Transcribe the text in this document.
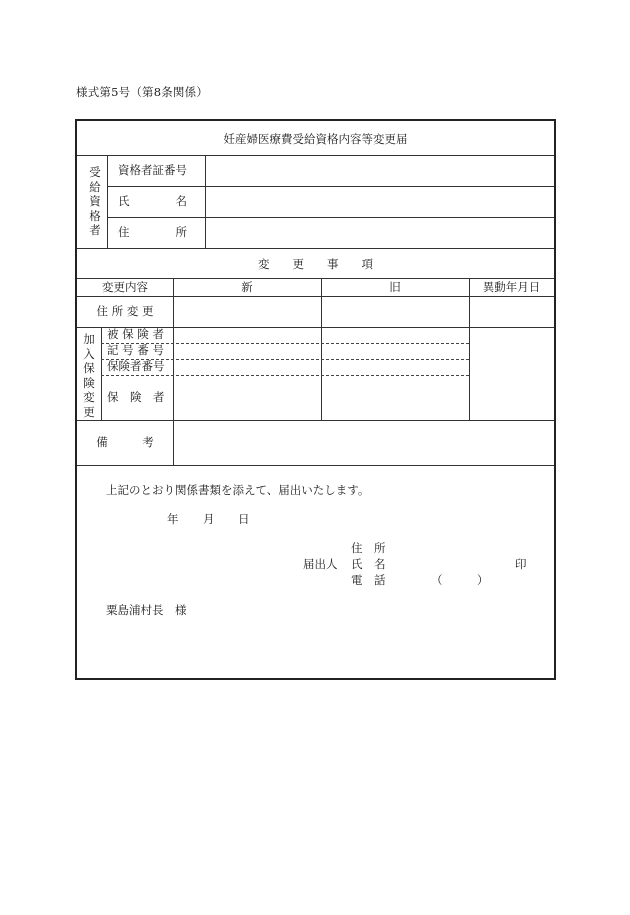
様式第5号（第8条関係）
妊産婦医療費受給資格内容等変更届
受給資格者
資格者証番号
氏　　　　名
住　　　　所
変　　更　　事　　項
変更内容	新	旧	異動年月日
住 所 変 更
加入保険変更
被 保 険 者
記 号 番 号
保険者番号
保　険　者
備　　　考
上記のとおり関係書類を添えて、届出いたします。
年 月 日
住　所
届出人 氏　名	印
電　話	（　　　）
粟島浦村長　様
